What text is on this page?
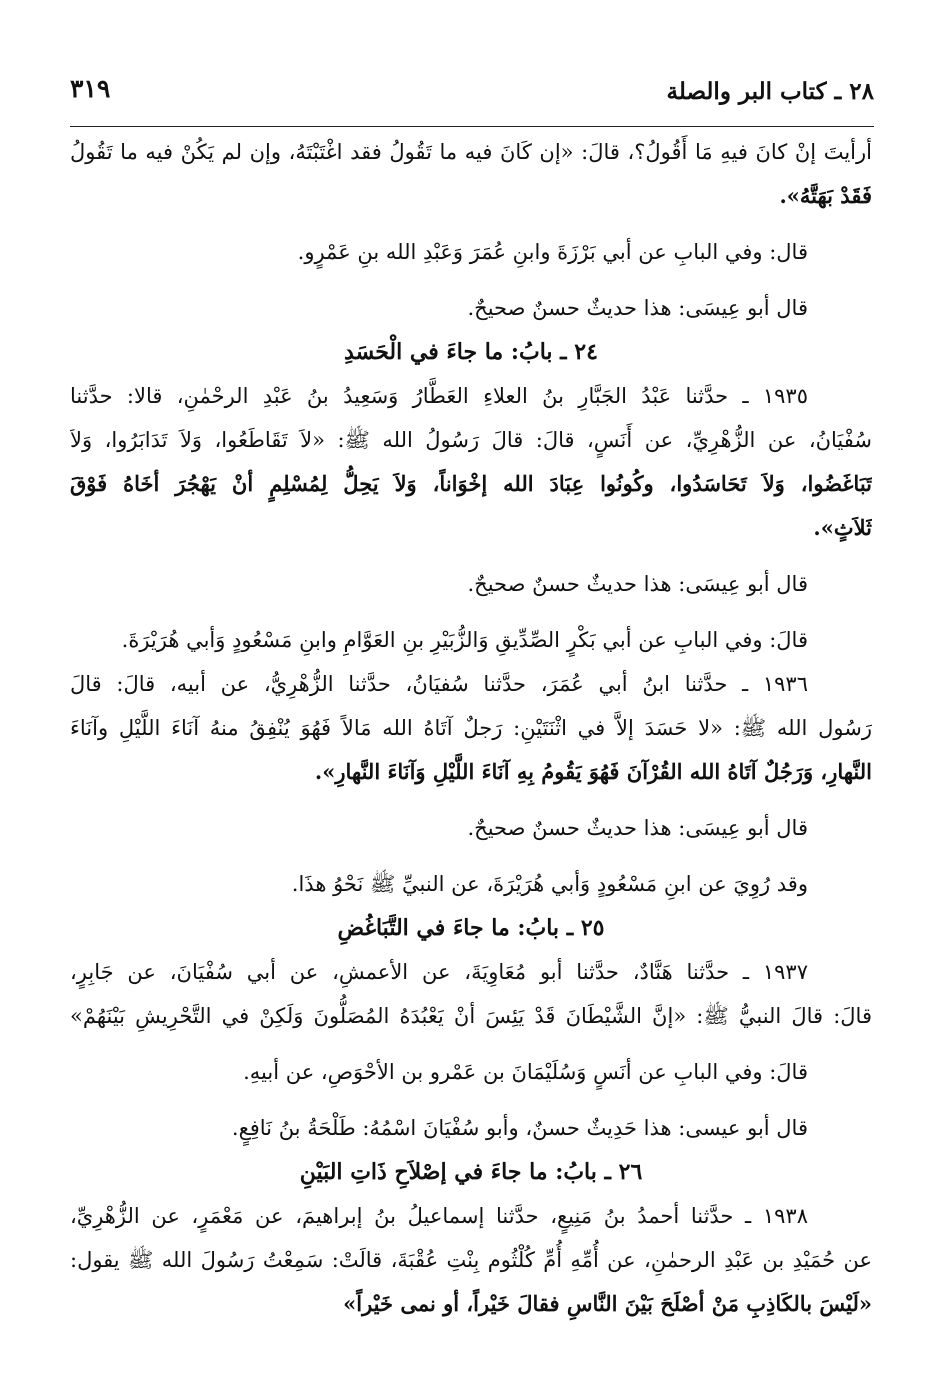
٢٨ ـ كتاب البر والصلة
٣١٩
أرأيتَ إنْ كانَ فيهِ مَا أَقُولُ؟، قالَ: «إن كَانَ فيه ما تَقُولُ فقد اغْتَبْتَهُ، وإن لم يَكُنْ فيه ما تَقُولُ
فَقَدْ بَهَتَّهُ».
قال: وفي البابِ عن أبي بَرْزَةَ وابنِ عُمَرَ وَعَبْدِ الله بنِ عَمْرٍو.
قال أبو عِيسَى: هذا حديثٌ حسنٌ صحيحٌ.
٢٤ ـ بابُ: ما جاءَ في الْحَسَدِ
١٩٣٥ ـ حدَّثنا عَبْدُ الجَبَّارِ بنُ العلاءِ العَطَّارُ وَسَعِيدُ بنُ عَبْدِ الرحْمٰنِ، قالا: حدَّثنا
سُفْيَانُ، عن الزُّهْرِيِّ، عن أَنَسٍ، قالَ: قالَ رَسُولُ الله ﷺ: «لاَ تَقَاطَعُوا، وَلاَ تَدَابَرُوا، وَلاَ
تَبَاغَضُوا، وَلاَ تَحَاسَدُوا، وكُونُوا عِبَادَ الله إخْوَاناً، وَلاَ يَحِلُّ لِمُسْلِمٍ أنْ يَهْجُرَ أخَاهُ فَوْقَ
ثَلاَثٍ».
قال أبو عِيسَى: هذا حديثٌ حسنٌ صحيحٌ.
قالَ: وفي البابِ عن أبي بَكْرٍ الصِّدِّيقِ وَالزُّبَيْرِ بنِ العَوَّامِ وابنِ مَسْعُودٍ وَأبي هُرَيْرَةَ.
١٩٣٦ ـ حدَّثنا ابنُ أبي عُمَرَ، حدَّثنا سُفيَانُ، حدَّثنا الزُّهْرِيُّ، عن أبيه، قالَ: قالَ
رَسُول الله ﷺ: «لا حَسَدَ إلاَّ في اثْنَتَيْنِ: رَجلٌ آتَاهُ الله مَالاً فَهُوَ يُنْفِقُ منهُ آنَاءَ اللَّيْلِ وآنَاءَ
النَّهارِ، وَرَجُلٌ آتَاهُ الله القُرْآنَ فَهُوَ يَقُومُ بِهِ آنَاءَ اللَّيْلِ وَآنَاءَ النَّهارِ».
قال أبو عِيسَى: هذا حديثٌ حسنٌ صحيحٌ.
وقد رُوِيَ عن ابنِ مَسْعُودٍ وَأبي هُرَيْرَةَ، عن النبيِّ ﷺ نَحْوُ هذَا.
٢٥ ـ بابُ: ما جاءَ في التَّبَاغُضِ
١٩٣٧ ـ حدَّثنا هَنَّادٌ، حدَّثنا أبو مُعَاوِيَةَ، عن الأعمشِ، عن أبي سُفْيَانَ، عن جَابِرٍ،
قالَ: قالَ النبيُّ ﷺ: «إنَّ الشَّيْطَانَ قَدْ يَئِسَ أنْ يَعْبُدَهُ المُصَلُّونَ وَلَكِنْ في التَّحْرِيشِ بَيْنَهُمْ»
قالَ: وفي البابِ عن أنَسٍ وَسُلَيْمَانَ بن عَمْرو بن الأحْوَصِ، عن أبيهِ.
قال أبو عيسى: هذا حَدِيثٌ حسنٌ، وأبو سُفْيَانَ اسْمُهُ: طَلْحَةُ بنُ نَافِعٍ.
٢٦ ـ بابُ: ما جاءَ في إصْلاَحِ ذَاتِ البَيْنِ
١٩٣٨ ـ حدَّثنا أحمدُ بنُ مَنِيعٍ، حدَّثنا إسماعيلُ بنُ إبراهيمَ، عن مَعْمَرٍ، عن الزُّهْرِيِّ،
عن حُمَيْدِ بن عَبْدِ الرحمٰنِ، عن أُمِّهِ أُمِّ كُلْثُوم بِنْتِ عُقْبَةَ، قالَتْ: سَمِعْتُ رَسُولَ الله ﷺ يقول:
«لَيْسَ بالكَاذِبِ مَنْ أصْلَحَ بَيْنَ النَّاسِ فقالَ خَيْراً، أو نمى خَيْراً»
